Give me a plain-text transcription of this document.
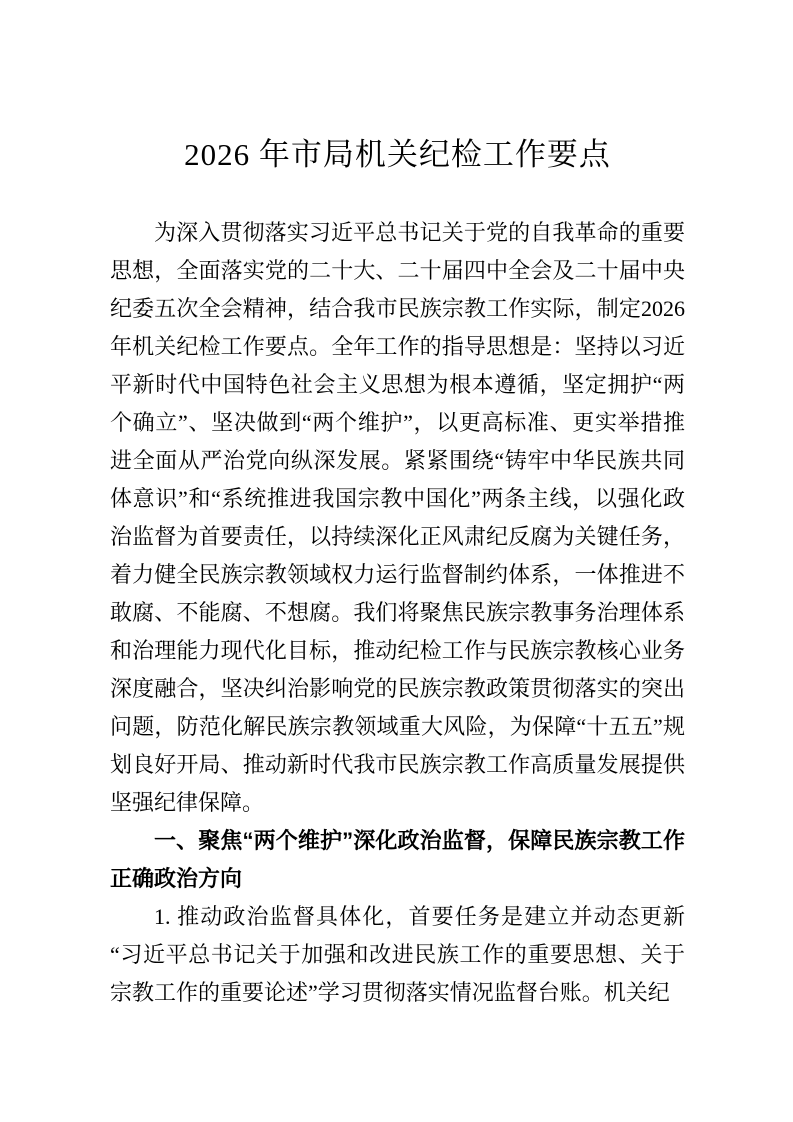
2026 年市局机关纪检工作要点

为深入贯彻落实习近平总书记关于党的自我革命的重要思想，全面落实党的二十大、二十届四中全会及二十届中央纪委五次全会精神，结合我市民族宗教工作实际，制定2026 年机关纪检工作要点。全年工作的指导思想是：坚持以习近平新时代中国特色社会主义思想为根本遵循，坚定拥护“两个确立”、坚决做到“两个维护”，以更高标准、更实举措推进全面从严治党向纵深发展。紧紧围绕“铸牢中华民族共同体意识”和“系统推进我国宗教中国化”两条主线，以强化政治监督为首要责任，以持续深化正风肃纪反腐为关键任务，着力健全民族宗教领域权力运行监督制约体系，一体推进不敢腐、不能腐、不想腐。我们将聚焦民族宗教事务治理体系和治理能力现代化目标，推动纪检工作与民族宗教核心业务深度融合，坚决纠治影响党的民族宗教政策贯彻落实的突出问题，防范化解民族宗教领域重大风险，为保障“十五五”规划良好开局、推动新时代我市民族宗教工作高质量发展提供坚强纪律保障。

一、聚焦“两个维护”深化政治监督，保障民族宗教工作正确政治方向

1. 推动政治监督具体化，首要任务是建立并动态更新“习近平总书记关于加强和改进民族工作的重要思想、关于宗教工作的重要论述”学习贯彻落实情况监督台账。机关纪
